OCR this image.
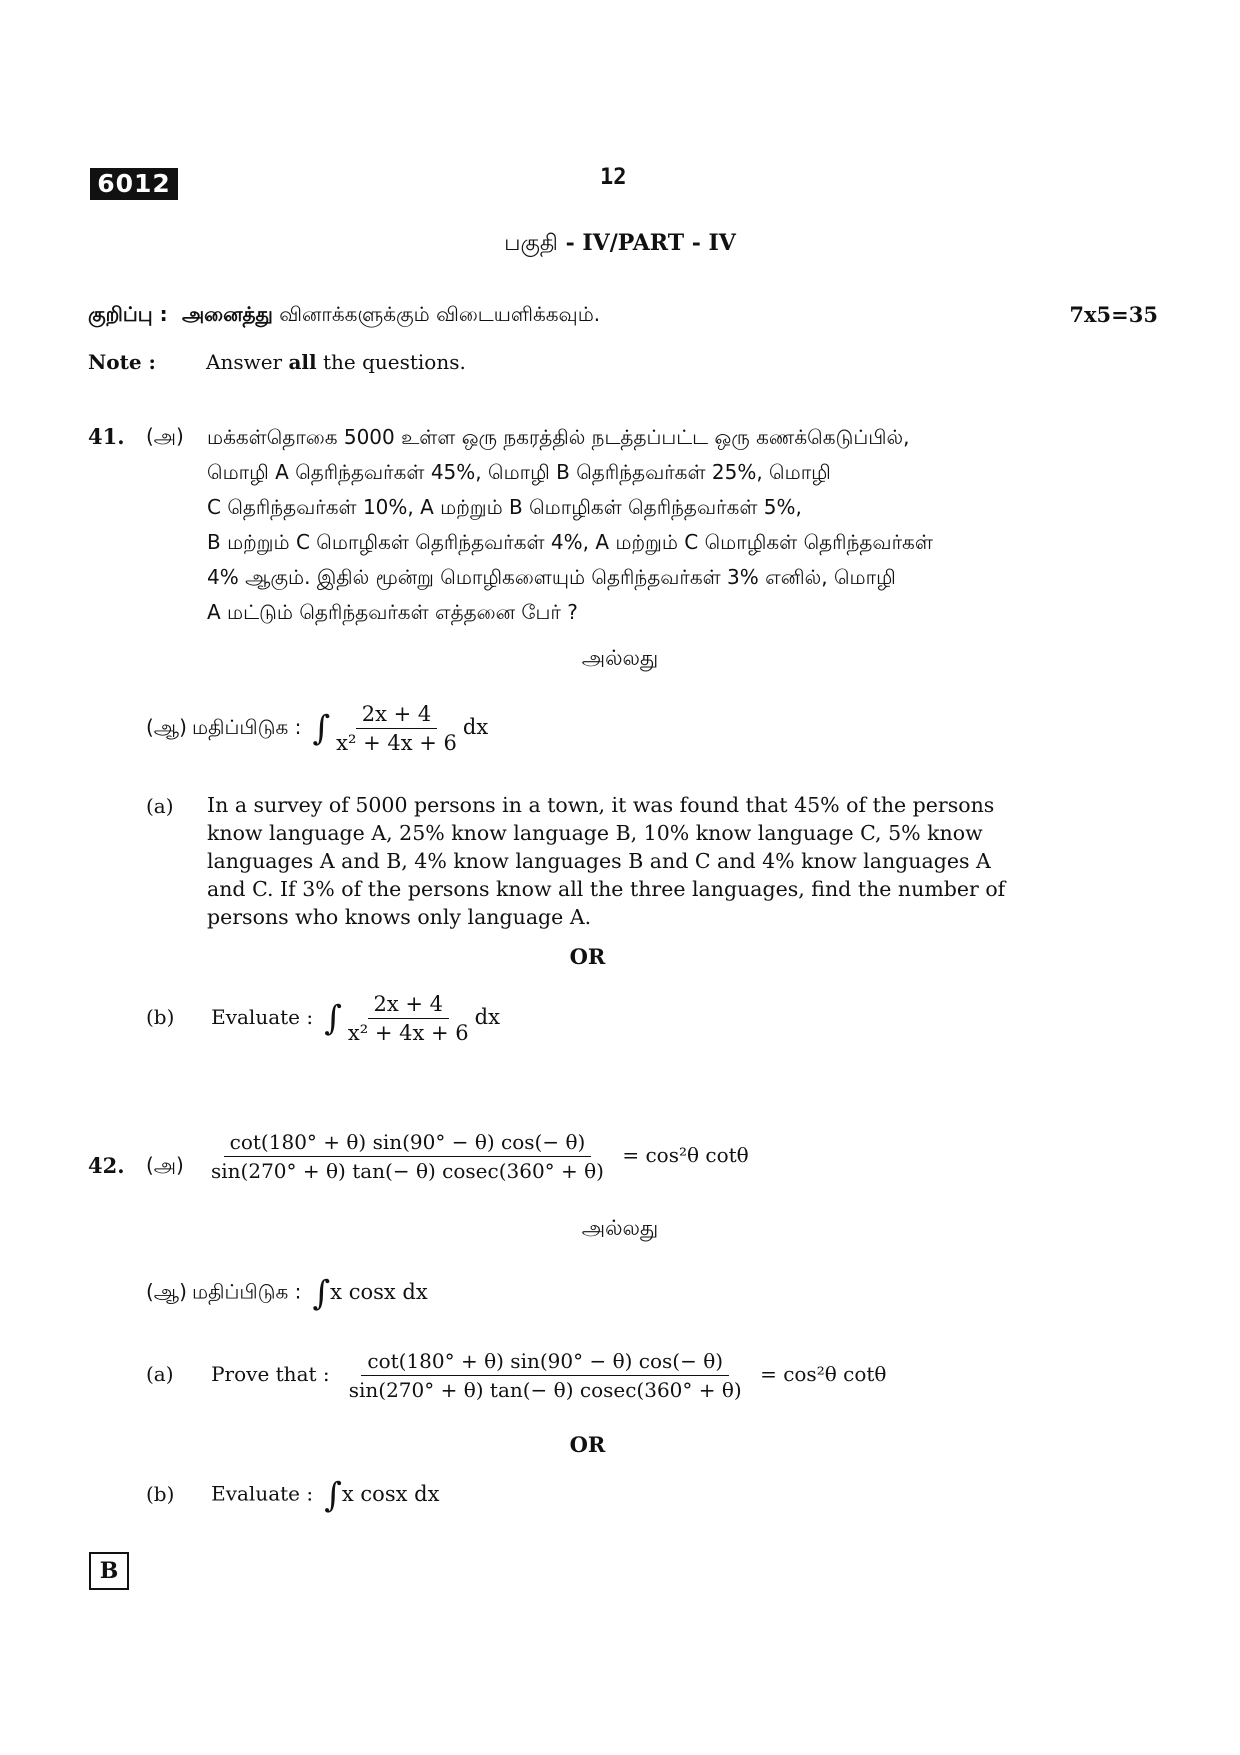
6012	12
பகுதி - IV/PART - IV
குறிப்பு : அனைத்து வினாக்களுக்கும் விடையளிக்கவும்.	7x5=35
Note :	Answer all the questions.
41. (அ) மக்கள்தொகை 5000 உள்ள ஒரு நகரத்தில் நடத்தப்பட்ட ஒரு கணக்கெடுப்பில்,
மொழி A தெரிந்தவர்கள் 45%, மொழி B தெரிந்தவர்கள் 25%, மொழி
C தெரிந்தவர்கள் 10%, A மற்றும் B மொழிகள் தெரிந்தவர்கள் 5%,
B மற்றும் C மொழிகள் தெரிந்தவர்கள் 4%, A மற்றும் C மொழிகள் தெரிந்தவர்கள்
4% ஆகும். இதில் மூன்று மொழிகளையும் தெரிந்தவர்கள் 3% எனில், மொழி
A மட்டும் தெரிந்தவர்கள் எத்தனை பேர் ?
அல்லது
(ஆ) மதிப்பிடுக : ∫ $\frac{2x + 4}{\text{x² + 4x + 6}}$ dx
(a) In a survey of 5000 persons in a town, it was found that 45% of the persons
know language A, 25% know language B, 10% know language C, 5% know
languages A and B, 4% know languages B and C and 4% know languages A
and C. If 3% of the persons know all the three languages, find the number of
persons who knows only language A.
OR
(b) Evaluate : ∫ $\frac{2x + 4}{\text{x² + 4x + 6}}$ dx
42. (அ) $\frac{\cot(180^\circ + \theta) \sin(90^\circ - \theta) \cos(- \theta)}{\sin(270^\circ + \theta) \tan(- \theta) cosec(360^\circ + \theta)} = \cos^2\theta$ cotθ
அல்லது
(ஆ) மதிப்பிடுக : ∫x cosx dx
(a) Prove that : $\frac{\cot(180^\circ + \theta) \sin(90^\circ - \theta) \cos(- \theta)}{\sin(270^\circ + \theta) \tan(- \theta) cosec(360^\circ + \theta)} = \cos^2\theta$ cotθ
OR
(b) Evaluate : ∫x cosx dx
B
